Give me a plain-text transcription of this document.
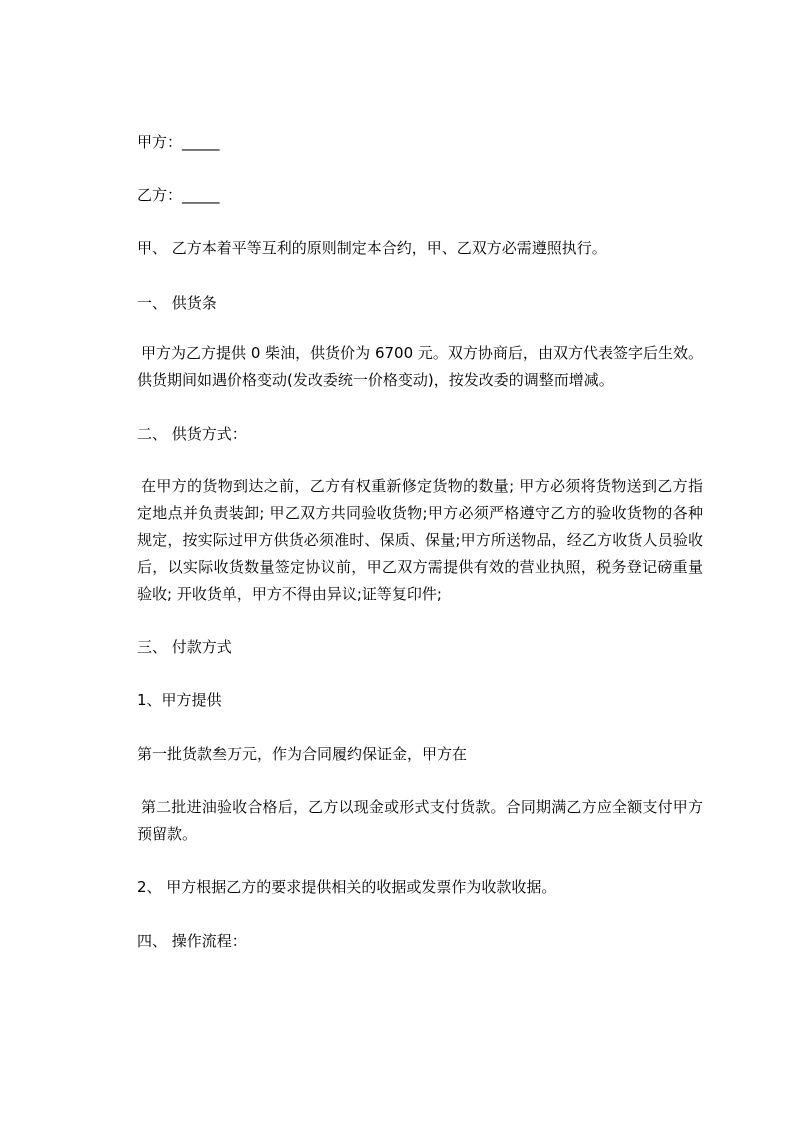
甲方：_____
乙方：_____
甲、 乙方本着平等互利的原则制定本合约，甲、乙双方必需遵照执行。
一、 供货条
甲方为乙方提供 0 柴油，供货价为 6700 元。双方协商后，由双方代表签字后生效。供货期间如遇价格变动(发改委统一价格变动)，按发改委的调整而增减。
二、 供货方式：
在甲方的货物到达之前，乙方有权重新修定货物的数量; 甲方必须将货物送到乙方指定地点并负责装卸; 甲乙双方共同验收货物;甲方必须严格遵守乙方的验收货物的各种规定，按实际过甲方供货必须准时、保质、保量;甲方所送物品，经乙方收货人员验收后，以实际收货数量签定协议前，甲乙双方需提供有效的营业执照，税务登记磅重量验收; 开收货单，甲方不得由异议;证等复印件;
三、 付款方式
1、甲方提供
第一批货款叁万元，作为合同履约保证金，甲方在
第二批进油验收合格后，乙方以现金或形式支付货款。合同期满乙方应全额支付甲方预留款。
2、 甲方根据乙方的要求提供相关的收据或发票作为收款收据。
四、 操作流程：
